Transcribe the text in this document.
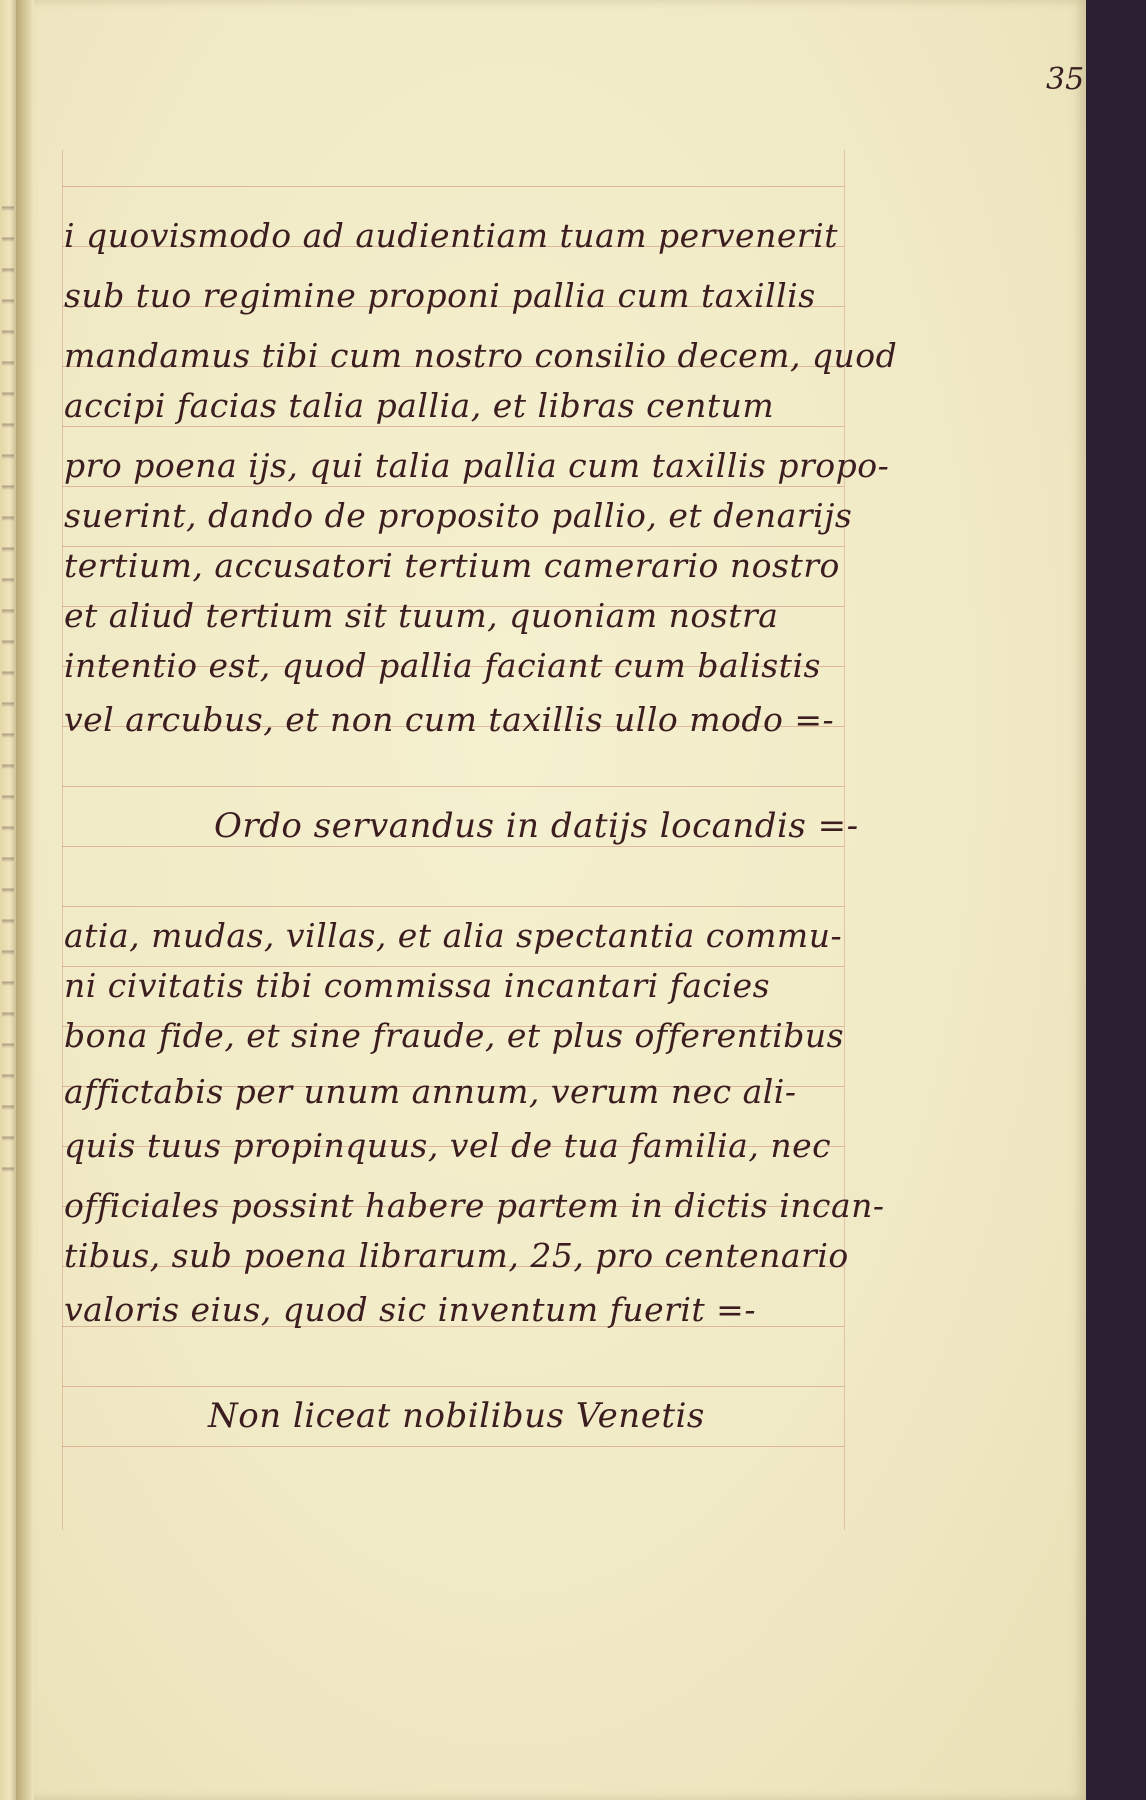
35
i quovismodo ad audientiam tuam pervenerit
sub tuo regimine proponi pallia cum taxillis
mandamus tibi cum nostro consilio decem, quod
accipi facias talia pallia, et libras centum
pro poena ijs, qui talia pallia cum taxillis propo-
suerint, dando de proposito pallio, et denarijs
tertium, accusatori tertium camerario nostro
et aliud tertium sit tuum, quoniam nostra
intentio est, quod pallia faciant cum balistis
vel arcubus, et non cum taxillis ullo modo =-
Ordo servandus in datijs locandis =-
atia, mudas, villas, et alia spectantia commu-
ni civitatis tibi commissa incantari facies
bona fide, et sine fraude, et plus offerentibus
affictabis per unum annum, verum nec ali-
quis tuus propinquus, vel de tua familia, nec
officiales possint habere partem in dictis incan-
tibus, sub poena librarum, 25, pro centenario
valoris eius, quod sic inventum fuerit =-
Non liceat nobilibus Venetis
